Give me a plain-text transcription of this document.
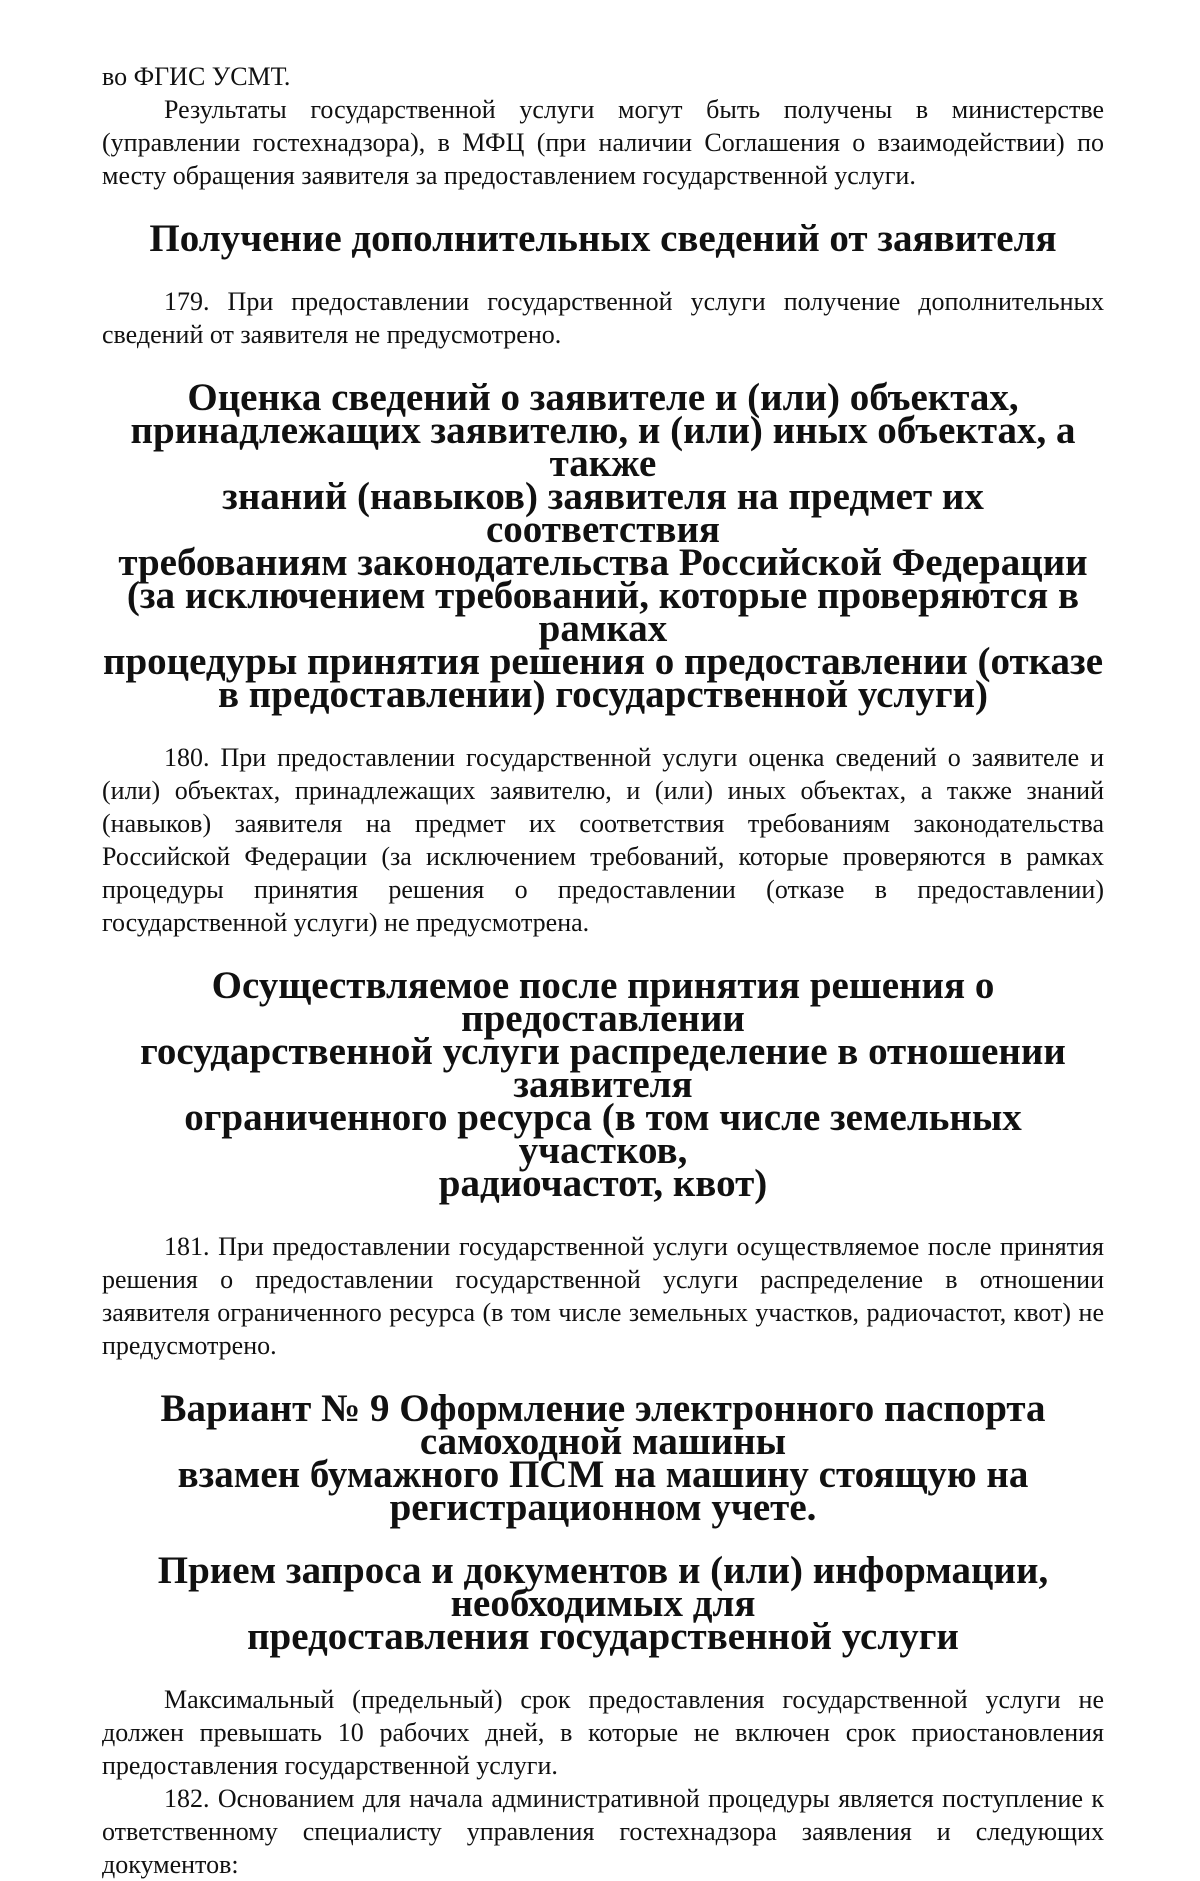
во ФГИС УСМТ.

Результаты государственной услуги могут быть получены в министерстве (управлении гостехнадзора), в МФЦ (при наличии Соглашения о взаимодействии) по месту обращения заявителя за предоставлением государственной услуги.

Получение дополнительных сведений от заявителя

179. При предоставлении государственной услуги получение дополнительных сведений от заявителя не предусмотрено.

Оценка сведений о заявителе и (или) объектах,
принадлежащих заявителю, и (или) иных объектах, а также
знаний (навыков) заявителя на предмет их соответствия
требованиям законодательства Российской Федерации
(за исключением требований, которые проверяются в рамках
процедуры принятия решения о предоставлении (отказе
в предоставлении) государственной услуги)

180. При предоставлении государственной услуги оценка сведений о заявителе и (или) объектах, принадлежащих заявителю, и (или) иных объектах, а также знаний (навыков) заявителя на предмет их соответствия требованиям законодательства Российской Федерации (за исключением требований, которые проверяются в рамках процедуры принятия решения о предоставлении (отказе в предоставлении) государственной услуги) не предусмотрена.

Осуществляемое после принятия решения о предоставлении
государственной услуги распределение в отношении заявителя
ограниченного ресурса (в том числе земельных участков,
радиочастот, квот)

181. При предоставлении государственной услуги осуществляемое после принятия решения о предоставлении государственной услуги распределение в отношении заявителя ограниченного ресурса (в том числе земельных участков, радиочастот, квот) не предусмотрено.

Вариант № 9 Оформление электронного паспорта самоходной машины
взамен бумажного ПСМ на машину стоящую на регистрационном учете.
Прием запроса и документов и (или) информации, необходимых для
предоставления государственной услуги

Максимальный (предельный) срок предоставления государственной услуги не должен превышать 10 рабочих дней, в которые не включен срок приостановления предоставления государственной услуги.

182. Основанием для начала административной процедуры является поступление к ответственному специалисту управления гостехнадзора заявления и следующих документов:
